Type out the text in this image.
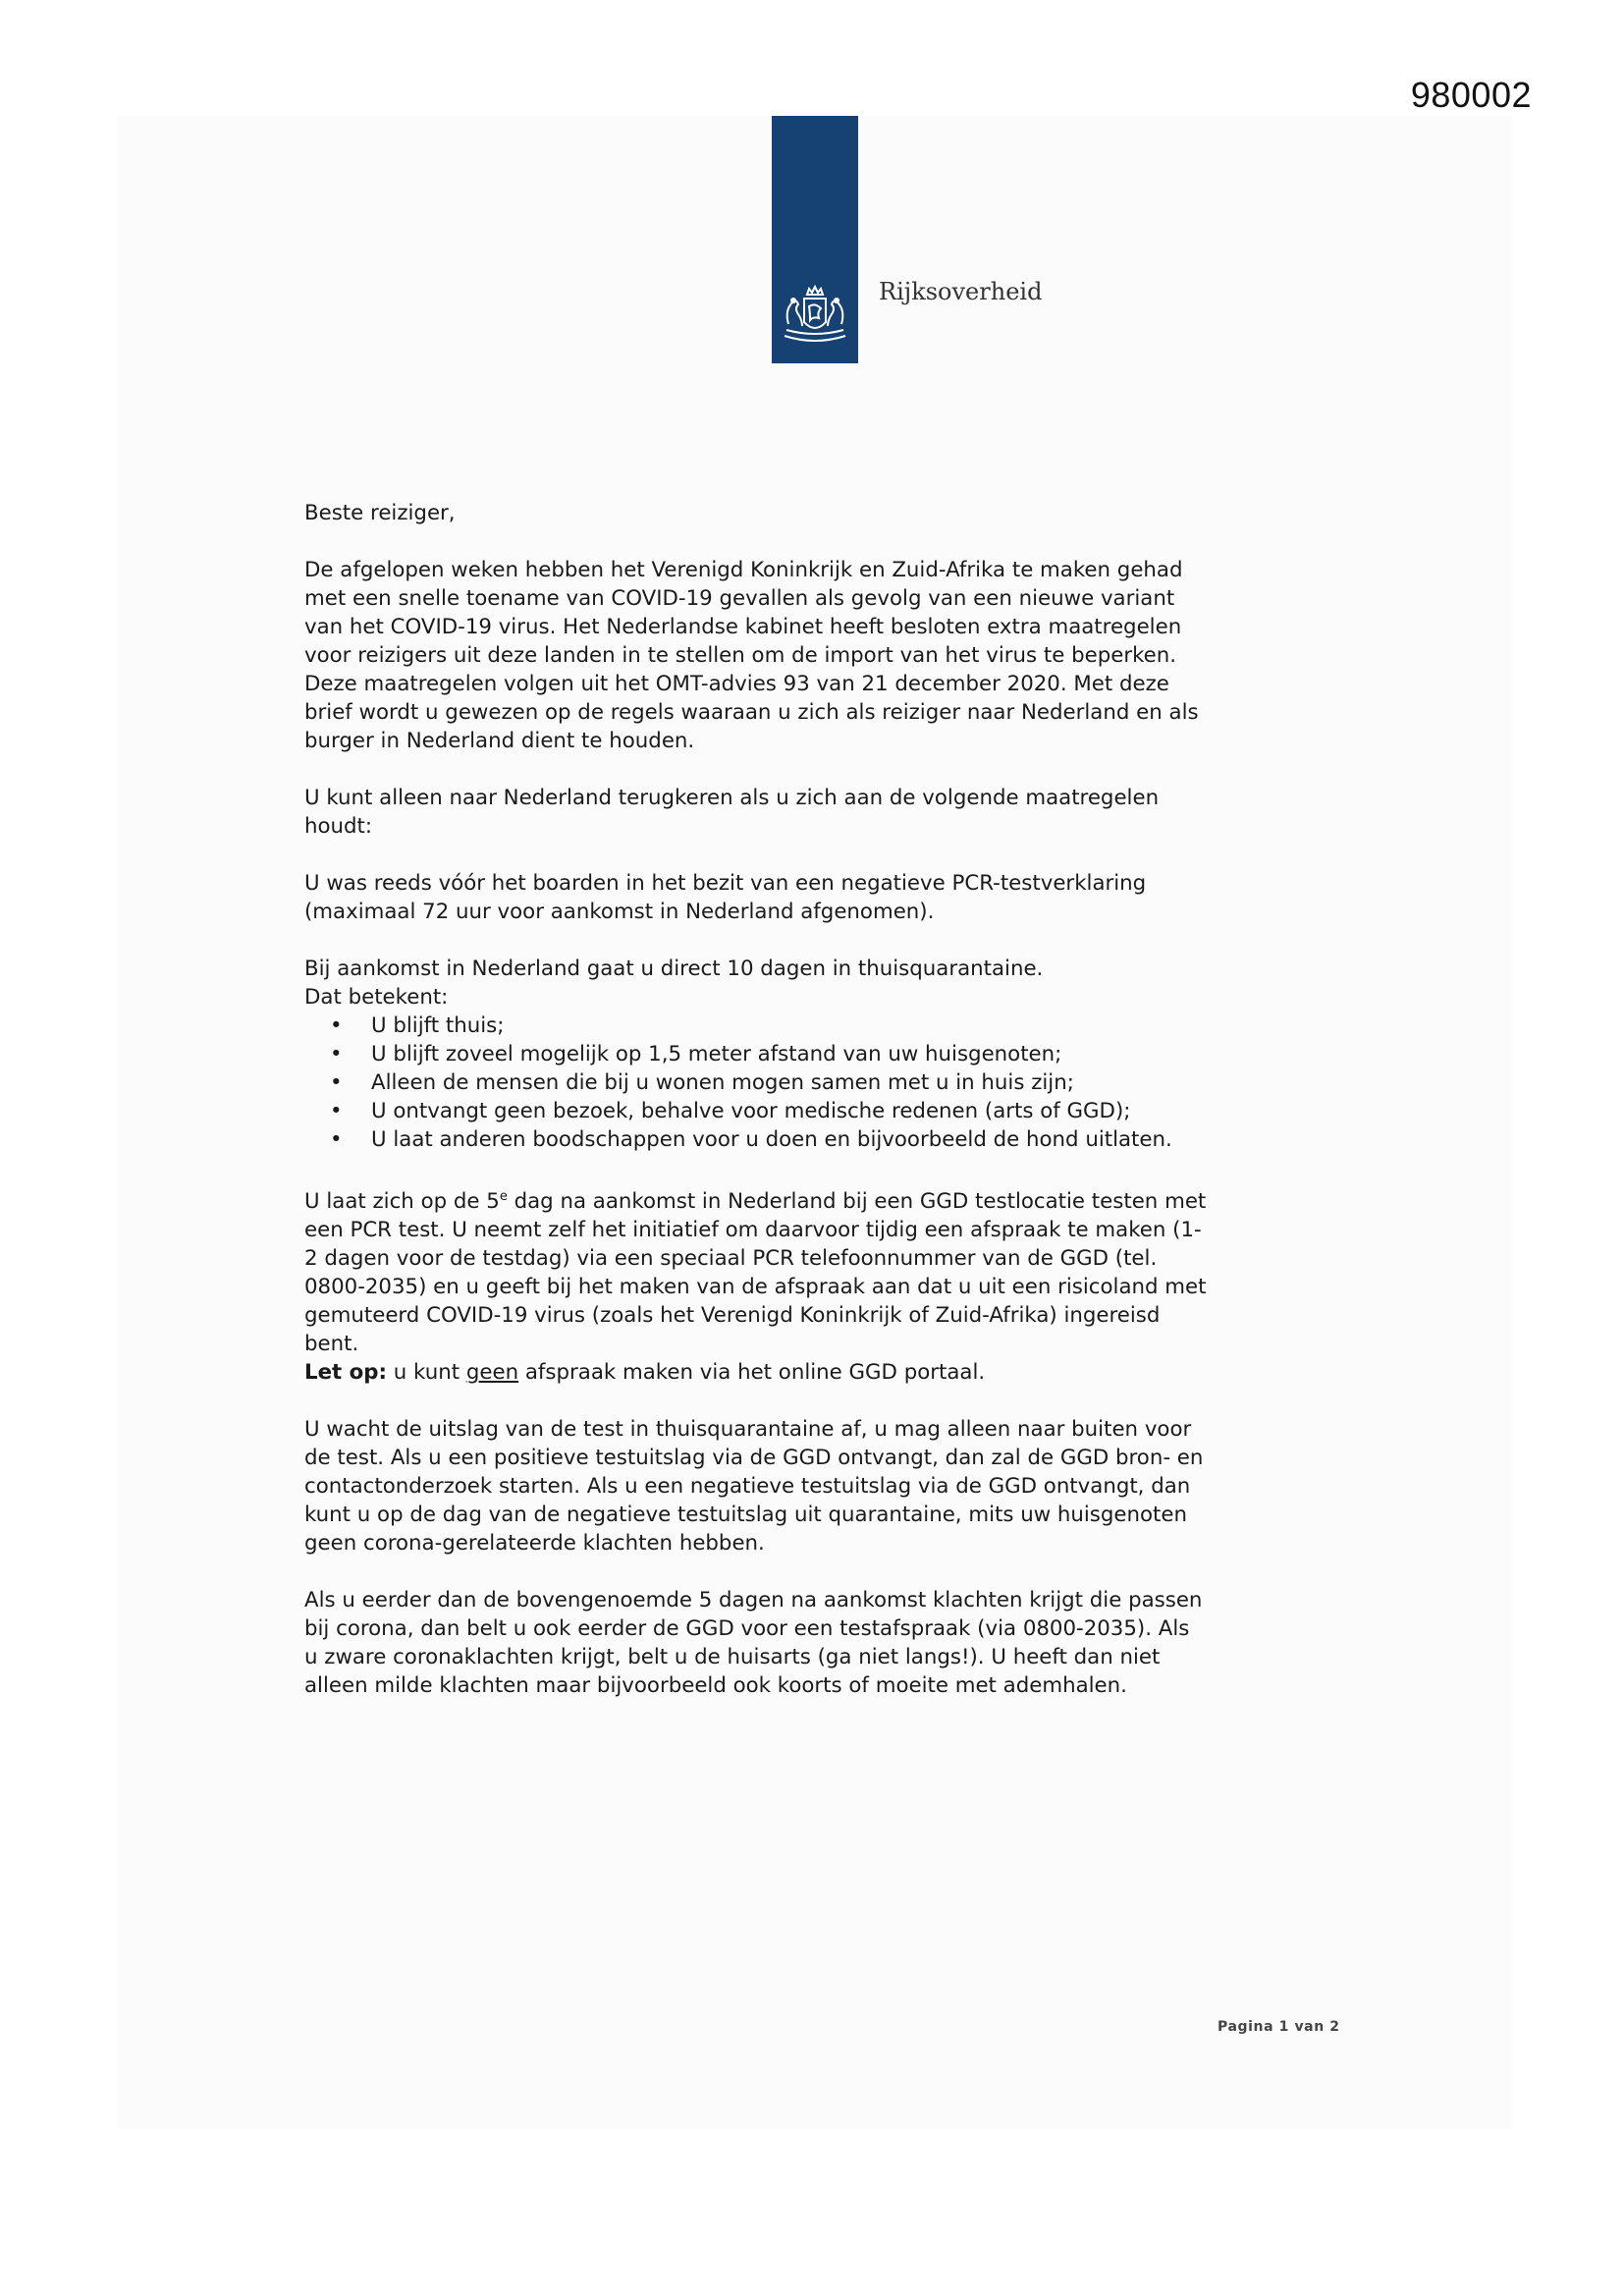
980002
Rijksoverheid

Beste reiziger,

De afgelopen weken hebben het Verenigd Koninkrijk en Zuid-Afrika te maken gehad met een snelle toename van COVID-19 gevallen als gevolg van een nieuwe variant van het COVID-19 virus. Het Nederlandse kabinet heeft besloten extra maatregelen voor reizigers uit deze landen in te stellen om de import van het virus te beperken. Deze maatregelen volgen uit het OMT-advies 93 van 21 december 2020. Met deze brief wordt u gewezen op de regels waaraan u zich als reiziger naar Nederland en als burger in Nederland dient te houden.

U kunt alleen naar Nederland terugkeren als u zich aan de volgende maatregelen houdt:

U was reeds vóór het boarden in het bezit van een negatieve PCR-testverklaring (maximaal 72 uur voor aankomst in Nederland afgenomen).

Bij aankomst in Nederland gaat u direct 10 dagen in thuisquarantaine.

Dat betekent:

• U blijft thuis;
• U blijft zoveel mogelijk op 1,5 meter afstand van uw huisgenoten;
• Alleen de mensen die bij u wonen mogen samen met u in huis zijn;
• U ontvangt geen bezoek, behalve voor medische redenen (arts of GGD);
• U laat anderen boodschappen voor u doen en bijvoorbeeld de hond uitlaten.

U laat zich op de 5e dag na aankomst in Nederland bij een GGD testlocatie testen met een PCR test. U neemt zelf het initiatief om daarvoor tijdig een afspraak te maken (1-2 dagen voor de testdag) via een speciaal PCR telefoonnummer van de GGD (tel. 0800-2035) en u geeft bij het maken van de afspraak aan dat u uit een risicoland met gemuteerd COVID-19 virus (zoals het Verenigd Koninkrijk of Zuid-Afrika) ingereisd bent.
Let op: u kunt geen afspraak maken via het online GGD portaal.

U wacht de uitslag van de test in thuisquarantaine af, u mag alleen naar buiten voor de test. Als u een positieve testuitslag via de GGD ontvangt, dan zal de GGD bron- en contactonderzoek starten. Als u een negatieve testuitslag via de GGD ontvangt, dan kunt u op de dag van de negatieve testuitslag uit quarantaine, mits uw huisgenoten geen corona-gerelateerde klachten hebben.

Als u eerder dan de bovengenoemde 5 dagen na aankomst klachten krijgt die passen bij corona, dan belt u ook eerder de GGD voor een testafspraak (via 0800-2035). Als u zware coronaklachten krijgt, belt u de huisarts (ga niet langs!). U heeft dan niet alleen milde klachten maar bijvoorbeeld ook koorts of moeite met ademhalen.

Pagina 1 van 2
